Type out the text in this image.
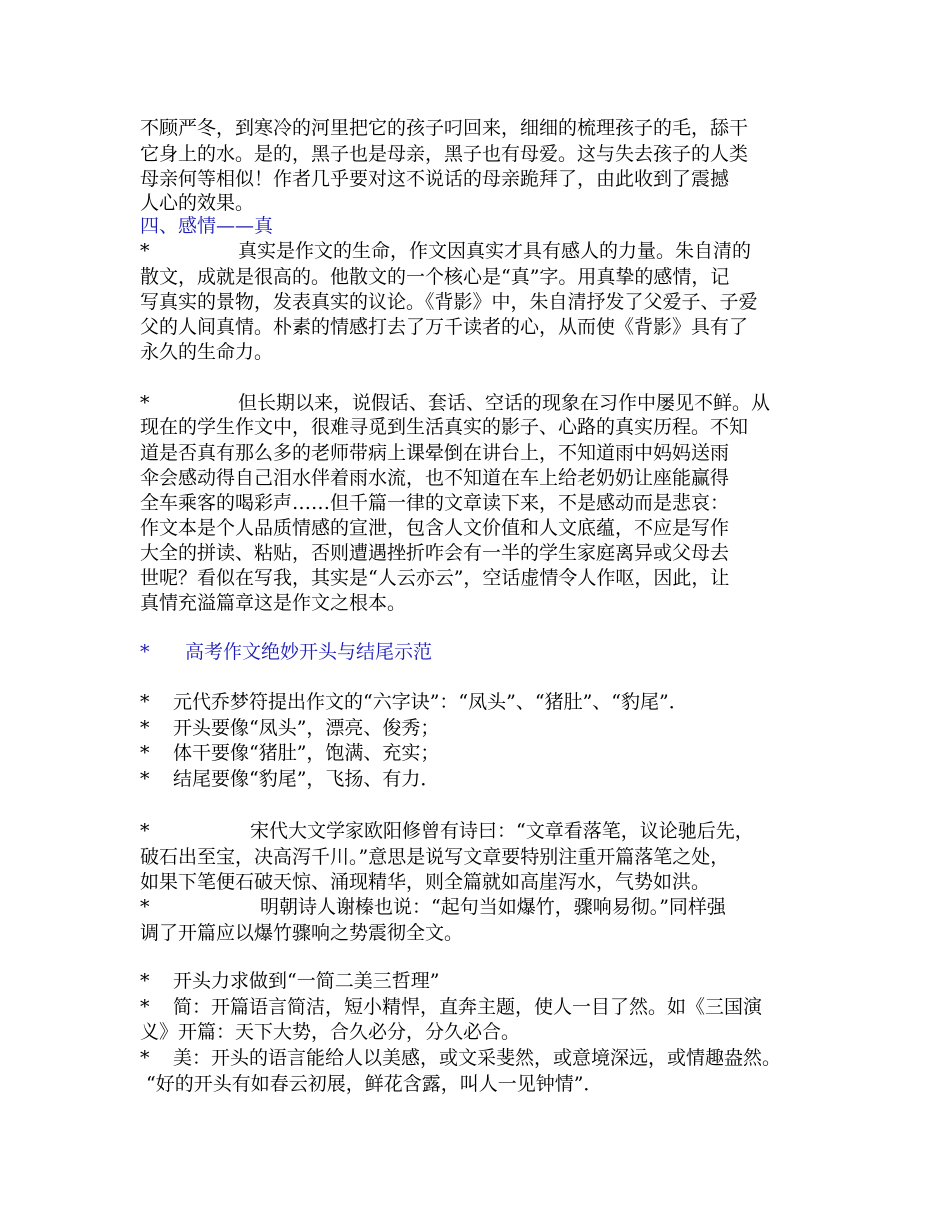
不顾严冬，到寒冷的河里把它的孩子叼回来，细细的梳理孩子的毛，舔干
它身上的水。是的，黑子也是母亲，黑子也有母爱。这与失去孩子的人类
母亲何等相似！作者几乎要对这不说话的母亲跪拜了，由此收到了震撼
人心的效果。
四、感情——真
*	真实是作文的生命，作文因真实才具有感人的力量。朱自清的
散文，成就是很高的。他散文的一个核心是“真”字。用真挚的感情，记
写真实的景物，发表真实的议论。《背影》中，朱自清抒发了父爱子、子爱
父的人间真情。朴素的情感打去了万千读者的心，从而使《背影》具有了
永久的生命力。
*	但长期以来，说假话、套话、空话的现象在习作中屡见不鲜。从
现在的学生作文中，很难寻觅到生活真实的影子、心路的真实历程。不知
道是否真有那么多的老师带病上课晕倒在讲台上，不知道雨中妈妈送雨
伞会感动得自己泪水伴着雨水流，也不知道在车上给老奶奶让座能赢得
全车乘客的喝彩声……但千篇一律的文章读下来，不是感动而是悲哀：
作文本是个人品质情感的宣泄，包含人文价值和人文底蕴，不应是写作
大全的拼读、粘贴，否则遭遇挫折咋会有一半的学生家庭离异或父母去
世呢？看似在写我，其实是“人云亦云”，空话虚情令人作呕，因此，让
真情充溢篇章这是作文之根本。
* 高考作文绝妙开头与结尾示范
* 元代乔梦符提出作文的“六字诀”：“凤头”、“猪肚”、“豹尾”．
* 开头要像“凤头”，漂亮、俊秀；
* 体干要像“猪肚”，饱满、充实；
* 结尾要像“豹尾”，飞扬、有力．
*	宋代大文学家欧阳修曾有诗曰：“文章看落笔，议论驰后先，
破石出至宝，决高泻千川。”意思是说写文章要特别注重开篇落笔之处，
如果下笔便石破天惊、涌现精华，则全篇就如高崖泻水，气势如洪。
*	明朝诗人谢榛也说：“起句当如爆竹，骤响易彻。”同样强
调了开篇应以爆竹骤响之势震彻全文。
* 开头力求做到“一简二美三哲理”
* 简：开篇语言简洁，短小精悍，直奔主题，使人一目了然。如《三国演
义》开篇：天下大势，合久必分，分久必合。
* 美：开头的语言能给人以美感，或文采斐然，或意境深远，或情趣盎然。
“好的开头有如春云初展，鲜花含露，叫人一见钟情”．
